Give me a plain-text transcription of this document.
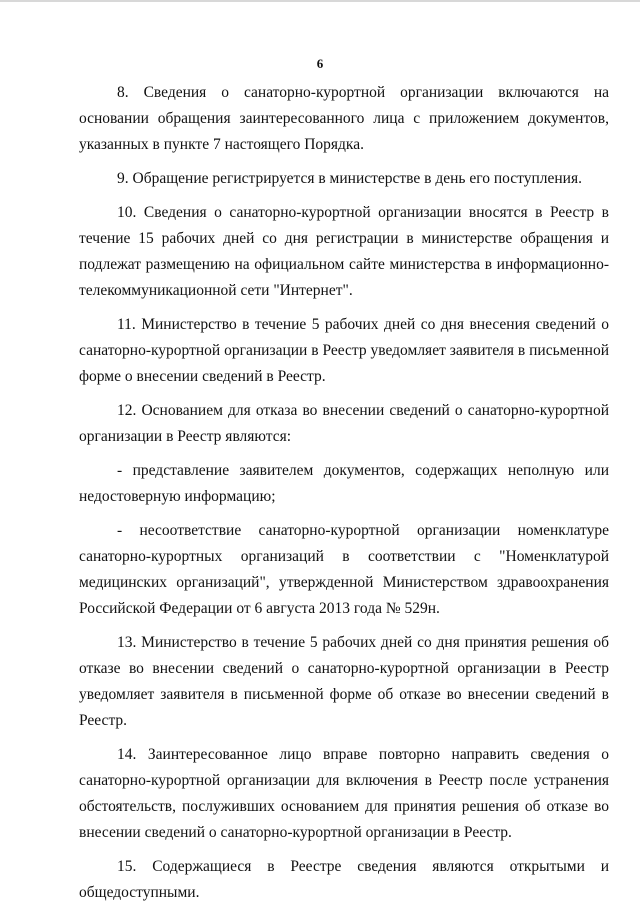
6

8. Сведения о санаторно-курортной организации включаются на основании обращения заинтересованного лица с приложением документов, указанных в пункте 7 настоящего Порядка.

9. Обращение регистрируется в министерстве в день его поступления.

10. Сведения о санаторно-курортной организации вносятся в Реестр в течение 15 рабочих дней со дня регистрации в министерстве обращения и подлежат размещению на официальном сайте министерства в информационно-телекоммуникационной сети "Интернет".

11. Министерство в течение 5 рабочих дней со дня внесения сведений о санаторно-курортной организации в Реестр уведомляет заявителя в письменной форме о внесении сведений в Реестр.

12. Основанием для отказа во внесении сведений о санаторно-курортной организации в Реестр являются:

- представление заявителем документов, содержащих неполную или недостоверную информацию;

- несоответствие санаторно-курортной организации номенклатуре санаторно-курортных организаций в соответствии с "Номенклатурой медицинских организаций", утвержденной Министерством здравоохранения Российской Федерации от 6 августа 2013 года № 529н.

13. Министерство в течение 5 рабочих дней со дня принятия решения об отказе во внесении сведений о санаторно-курортной организации в Реестр уведомляет заявителя в письменной форме об отказе во внесении сведений в Реестр.

14. Заинтересованное лицо вправе повторно направить сведения о санаторно-курортной организации для включения в Реестр после устранения обстоятельств, послуживших основанием для принятия решения об отказе во внесении сведений о санаторно-курортной организации в Реестр.

15. Содержащиеся в Реестре сведения являются открытыми и общедоступными.
